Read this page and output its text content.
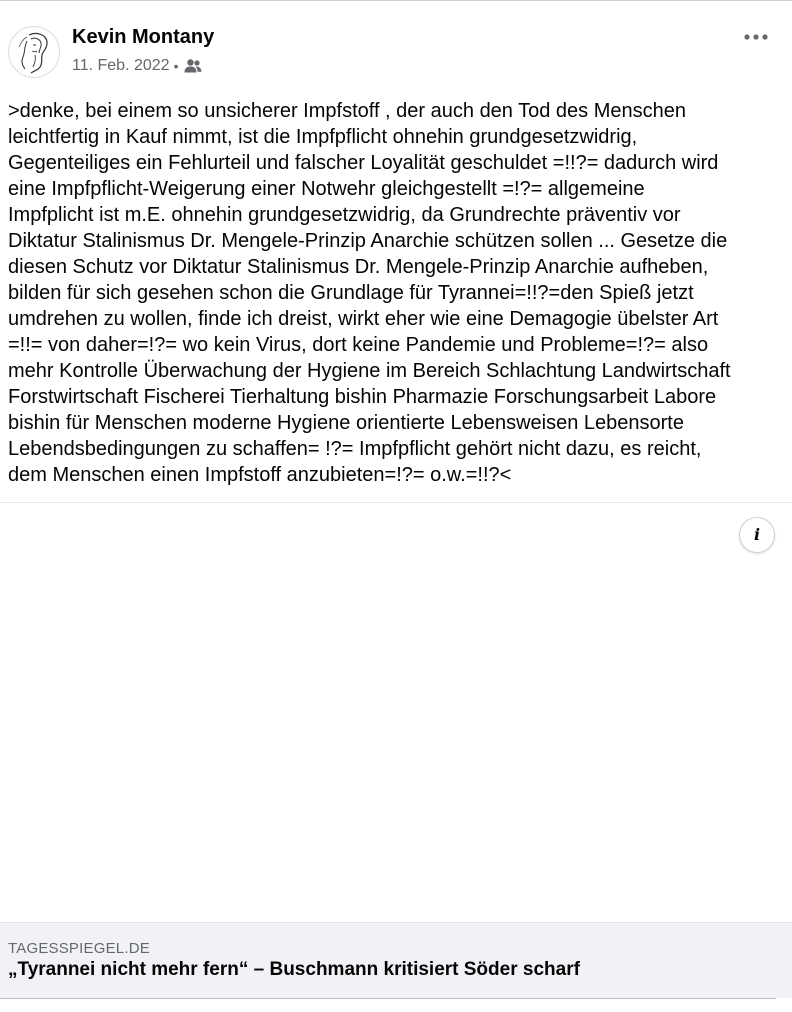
Kevin Montany
11. Feb. 2022 •

>denke, bei einem so unsicherer Impfstoff , der auch den Tod des Menschen
leichtfertig in Kauf nimmt, ist die Impfpflicht ohnehin grundgesetzwidrig,
Gegenteiliges ein Fehlurteil und falscher Loyalität geschuldet =!!?= dadurch wird
eine Impfpflicht-Weigerung einer Notwehr gleichgestellt =!?= allgemeine
Impfplicht ist m.E. ohnehin grundgesetzwidrig, da Grundrechte präventiv vor
Diktatur Stalinismus Dr. Mengele-Prinzip Anarchie schützen sollen ... Gesetze die
diesen Schutz vor Diktatur Stalinismus Dr. Mengele-Prinzip Anarchie aufheben,
bilden für sich gesehen schon die Grundlage für Tyrannei=!!?=den Spieß jetzt
umdrehen zu wollen, finde ich dreist, wirkt eher wie eine Demagogie übelster Art
=!!= von daher=!?= wo kein Virus, dort keine Pandemie und Probleme=!?= also
mehr Kontrolle Überwachung der Hygiene im Bereich Schlachtung Landwirtschaft
Forstwirtschaft Fischerei Tierhaltung bishin Pharmazie Forschungsarbeit Labore
bishin für Menschen moderne Hygiene orientierte Lebensweisen Lebensorte
Lebendsbedingungen zu schaffen= !?= Impfpflicht gehört nicht dazu, es reicht,
dem Menschen einen Impfstoff anzubieten=!?= o.w.=!!?<

i
TAGESSPIEGEL.DE
„Tyrannei nicht mehr fern“ – Buschmann kritisiert Söder scharf
